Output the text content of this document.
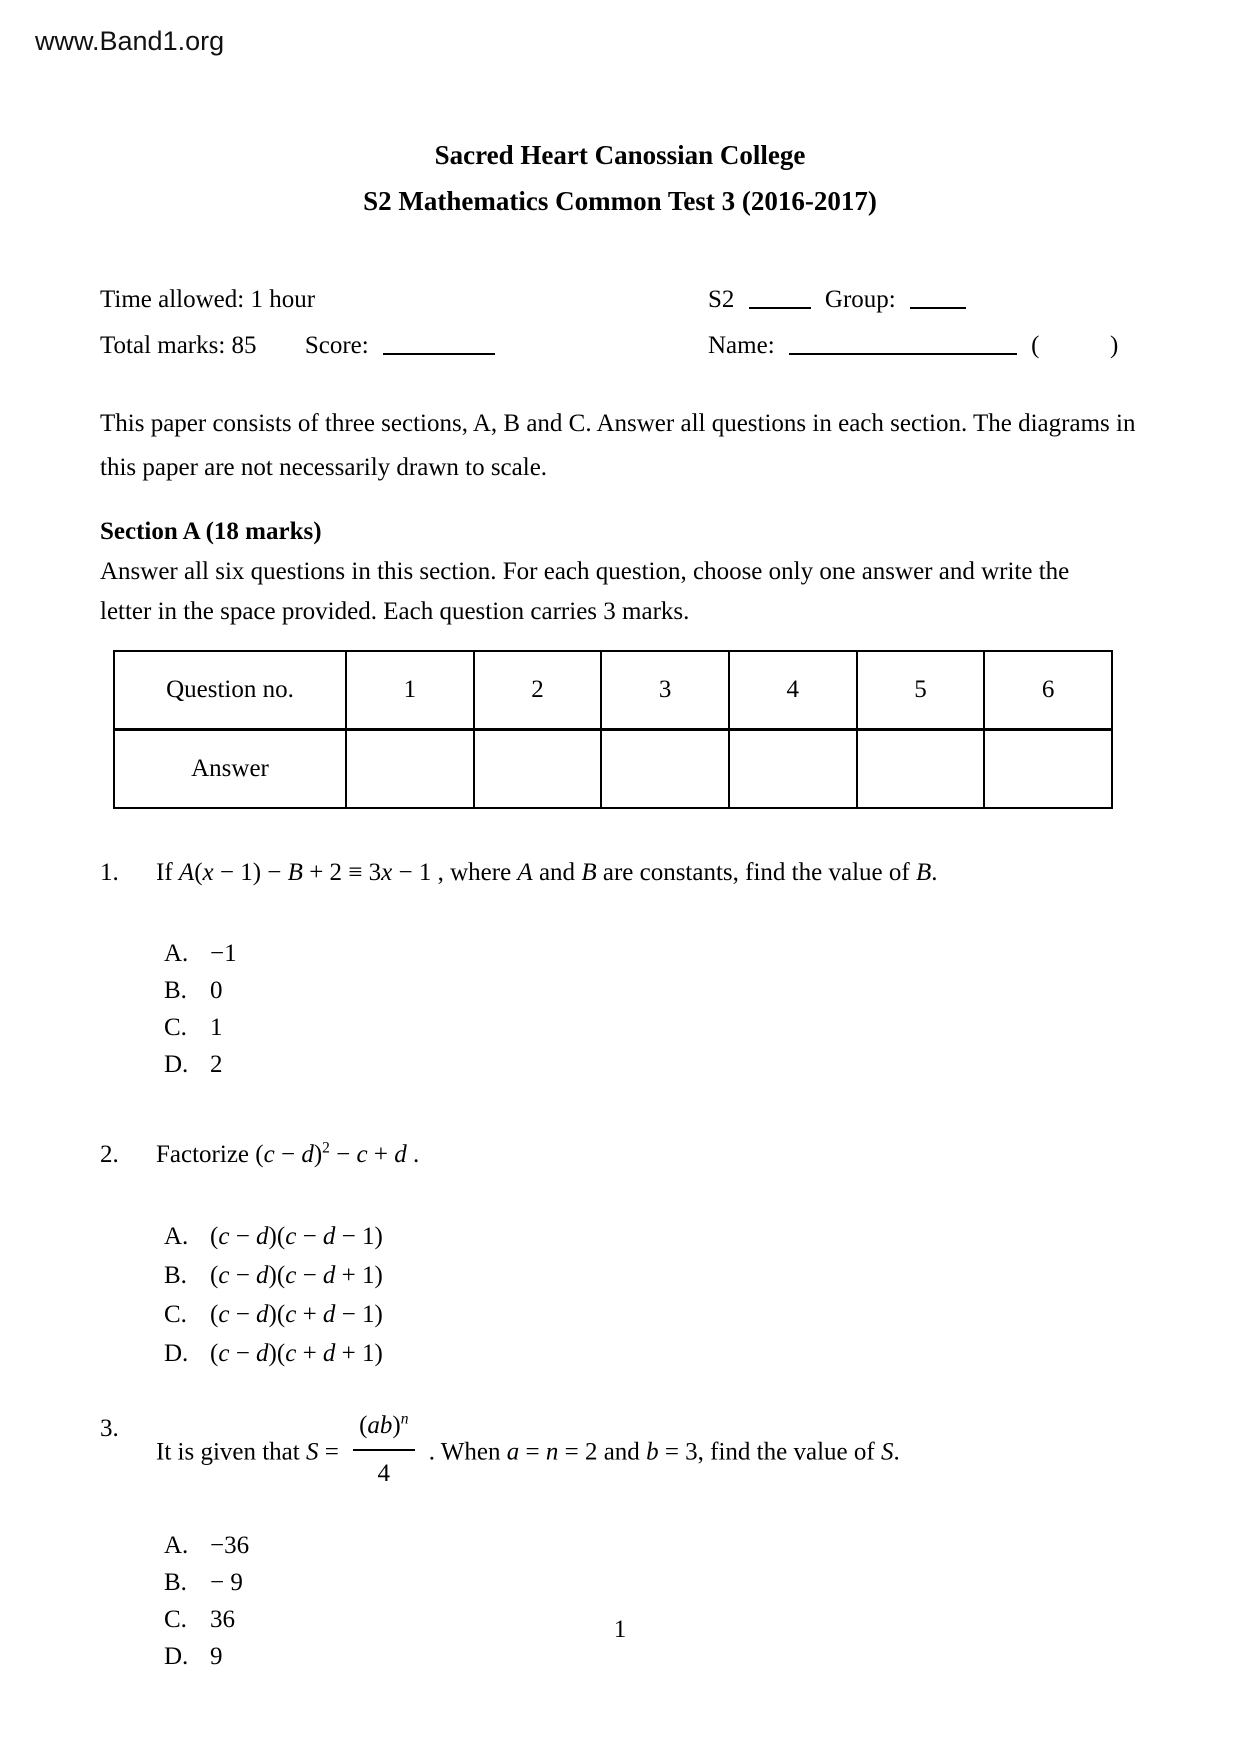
www.Band1.org
Sacred Heart Canossian College
S2 Mathematics Common Test 3 (2016-2017)
Time allowed: 1 hour	S2	Group:
Total marks: 85 Score:	Name:	(	)

This paper consists of three sections, A, B and C. Answer all questions in each section. The diagrams in this paper are not necessarily drawn to scale.

Section A (18 marks)

Answer all six questions in this section. For each question, choose only one answer and write the letter in the space provided. Each question carries 3 marks.

Question no.	1	2	3	4	5	6
Answer						
1.	If A(x − 1) − B + 2 ≡ 3x − 1 , where A and B are constants, find the value of B.
A. −1
B. 0
C. 1
D. 2
2.	Factorize $(c - d)^2 - c + d$ .
A. (c − d)(c − d − 1)
B. (c − d)(c − d + 1)
C. (c − d)(c + d − 1)
D. (c − d)(c + d + 1)
3.
It is given that $S = \frac{(ab)^n}{4}$ . When a = n = 2 and b = 3, find the value of S.
A. −36
B. − 9
C. 36
D. 9
1
